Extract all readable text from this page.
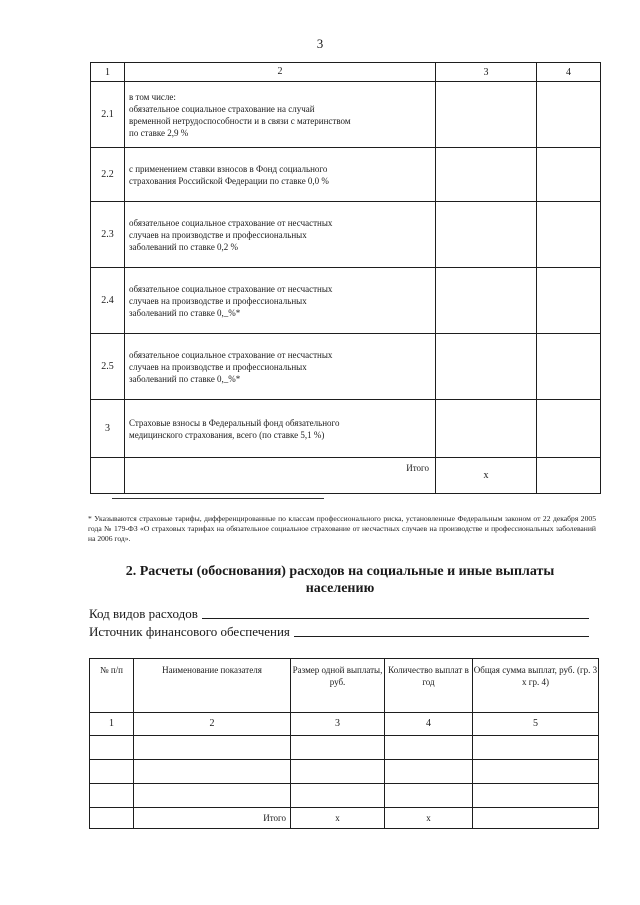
3
1	2	3	4
2.1	в том числе:
обязательное социальное страхование на случай
временной нетрудоспособности и в связи с материнством
по ставке 2,9 %		

2.2	с применением ставки взносов в Фонд социального
страхования Российской Федерации по ставке 0,0 %		

2.3	обязательное социальное страхование от несчастных
случаев на производстве и профессиональных
заболеваний по ставке 0,2 %		

2.4	обязательное социальное страхование от несчастных
случаев на производстве и профессиональных
заболеваний по ставке 0,_%*		

2.5	обязательное социальное страхование от несчастных
случаев на производстве и профессиональных
заболеваний по ставке 0,_%*		

3	Страховые взносы в Федеральный фонд обязательного
медицинского страхования, всего (по ставке 5,1 %)		

	Итого	x	
* Указываются страховые тарифы, дифференцированные по классам профессионального риска, установленные Федеральным законом от 22 декабря 2005 года № 179-ФЗ «О страховых тарифах на обязательное социальное страхование от несчастных случаев на производстве и профессиональных заболеваний на 2006 год».
2. Расчеты (обоснования) расходов на социальные и иные выплаты
населению
Код видов расходов
Источник финансового обеспечения
№ п/п	Наименование показателя	Размер одной выплаты, руб.	Количество выплат в год	Общая сумма выплат, руб. (гр. 3 х гр. 4)
1	2	3	4	5

	Итого	x	x	
